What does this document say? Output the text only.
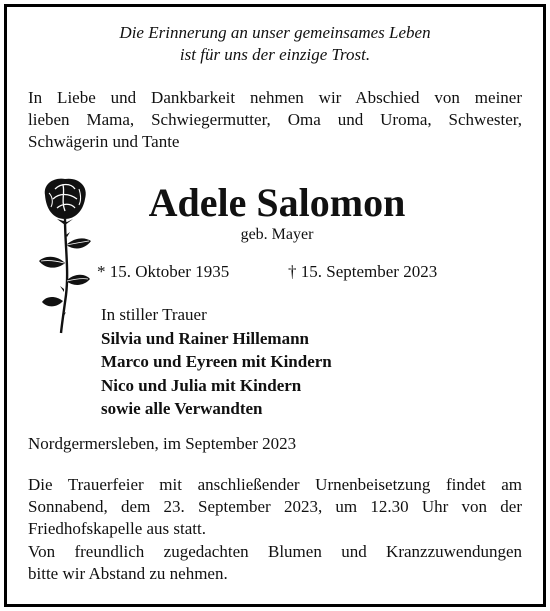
Die Erinnerung an unser gemeinsames Leben
ist für uns der einzige Trost.
In Liebe und Dankbarkeit nehmen wir Abschied von meiner
lieben Mama, Schwiegermutter, Oma und Uroma, Schwester,
Schwägerin und Tante
Adele Salomon
geb. Mayer
* 15. Oktober 1935	† 15. September 2023
In stiller Trauer
Silvia und Rainer Hillemann
Marco und Eyreen mit Kindern
Nico und Julia mit Kindern
sowie alle Verwandten
Nordgermersleben, im September 2023
Die Trauerfeier mit anschließender Urnenbeisetzung findet am
Sonnabend, dem 23. September 2023, um 12.30 Uhr von der
Friedhofskapelle aus statt.
Von freundlich zugedachten Blumen und Kranzzuwendungen
bitte wir Abstand zu nehmen.
